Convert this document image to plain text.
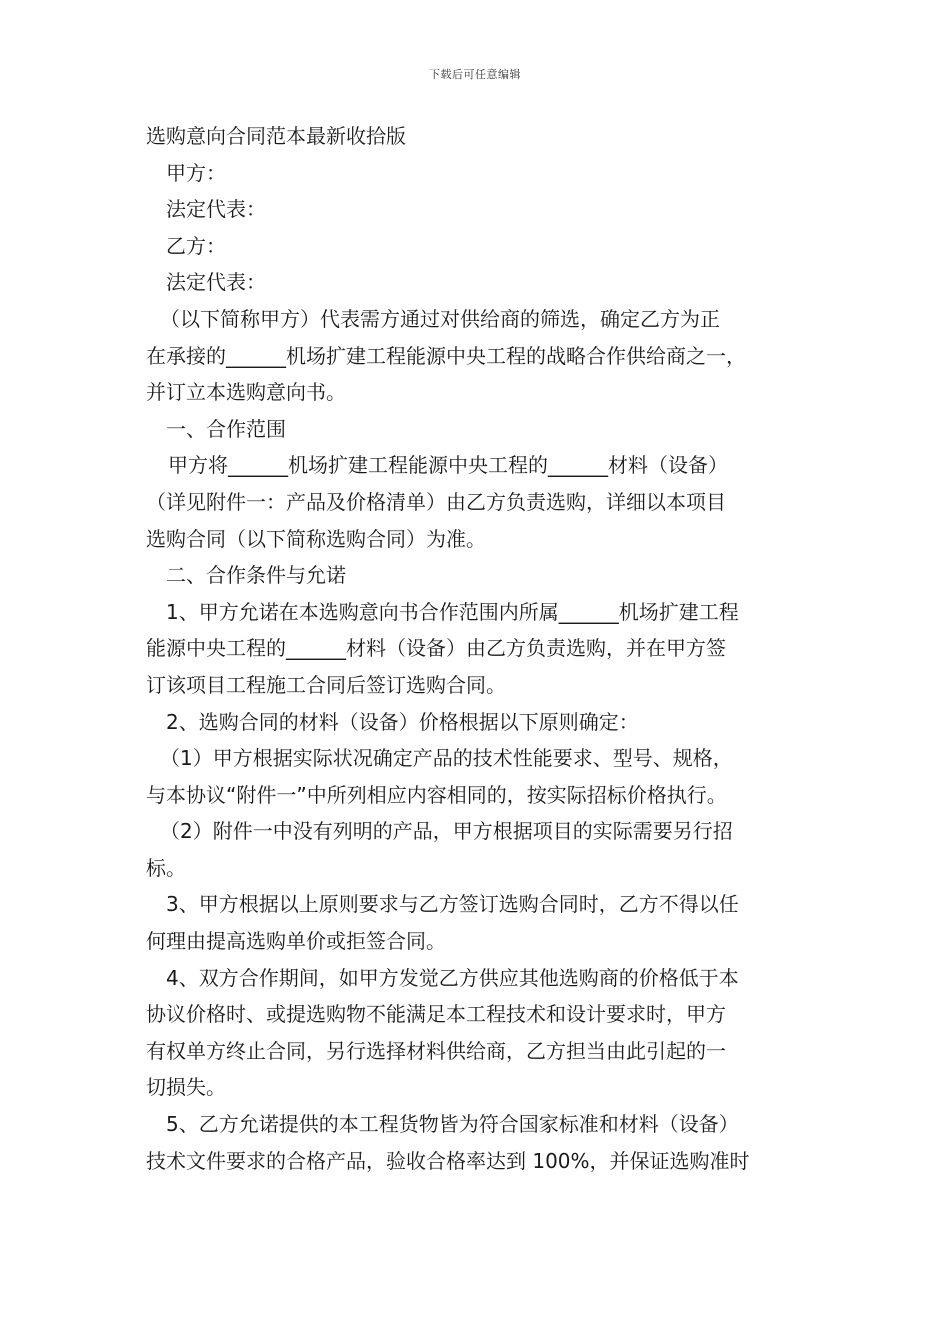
下载后可任意编辑
选购意向合同范本最新收拾版
甲方：
法定代表：
乙方：
法定代表：
（以下简称甲方）代表需方通过对供给商的筛选，确定乙方为正
在承接的______机场扩建工程能源中央工程的战略合作供给商之一，
并订立本选购意向书。
一、合作范围
甲方将______机场扩建工程能源中央工程的______材料（设备）
（详见附件一：产品及价格清单）由乙方负责选购，详细以本项目
选购合同（以下简称选购合同）为准。
二、合作条件与允诺
1、甲方允诺在本选购意向书合作范围内所属______机场扩建工程
能源中央工程的______材料（设备）由乙方负责选购，并在甲方签
订该项目工程施工合同后签订选购合同。
2、选购合同的材料（设备）价格根据以下原则确定：
（1）甲方根据实际状况确定产品的技术性能要求、型号、规格，
与本协议“附件一”中所列相应内容相同的，按实际招标价格执行。
（2）附件一中没有列明的产品，甲方根据项目的实际需要另行招
标。
3、甲方根据以上原则要求与乙方签订选购合同时，乙方不得以任
何理由提高选购单价或拒签合同。
4、双方合作期间，如甲方发觉乙方供应其他选购商的价格低于本
协议价格时、或提选购物不能满足本工程技术和设计要求时，甲方
有权单方终止合同，另行选择材料供给商，乙方担当由此引起的一
切损失。
5、乙方允诺提供的本工程货物皆为符合国家标准和材料（设备）
技术文件要求的合格产品，验收合格率达到 100%，并保证选购准时
